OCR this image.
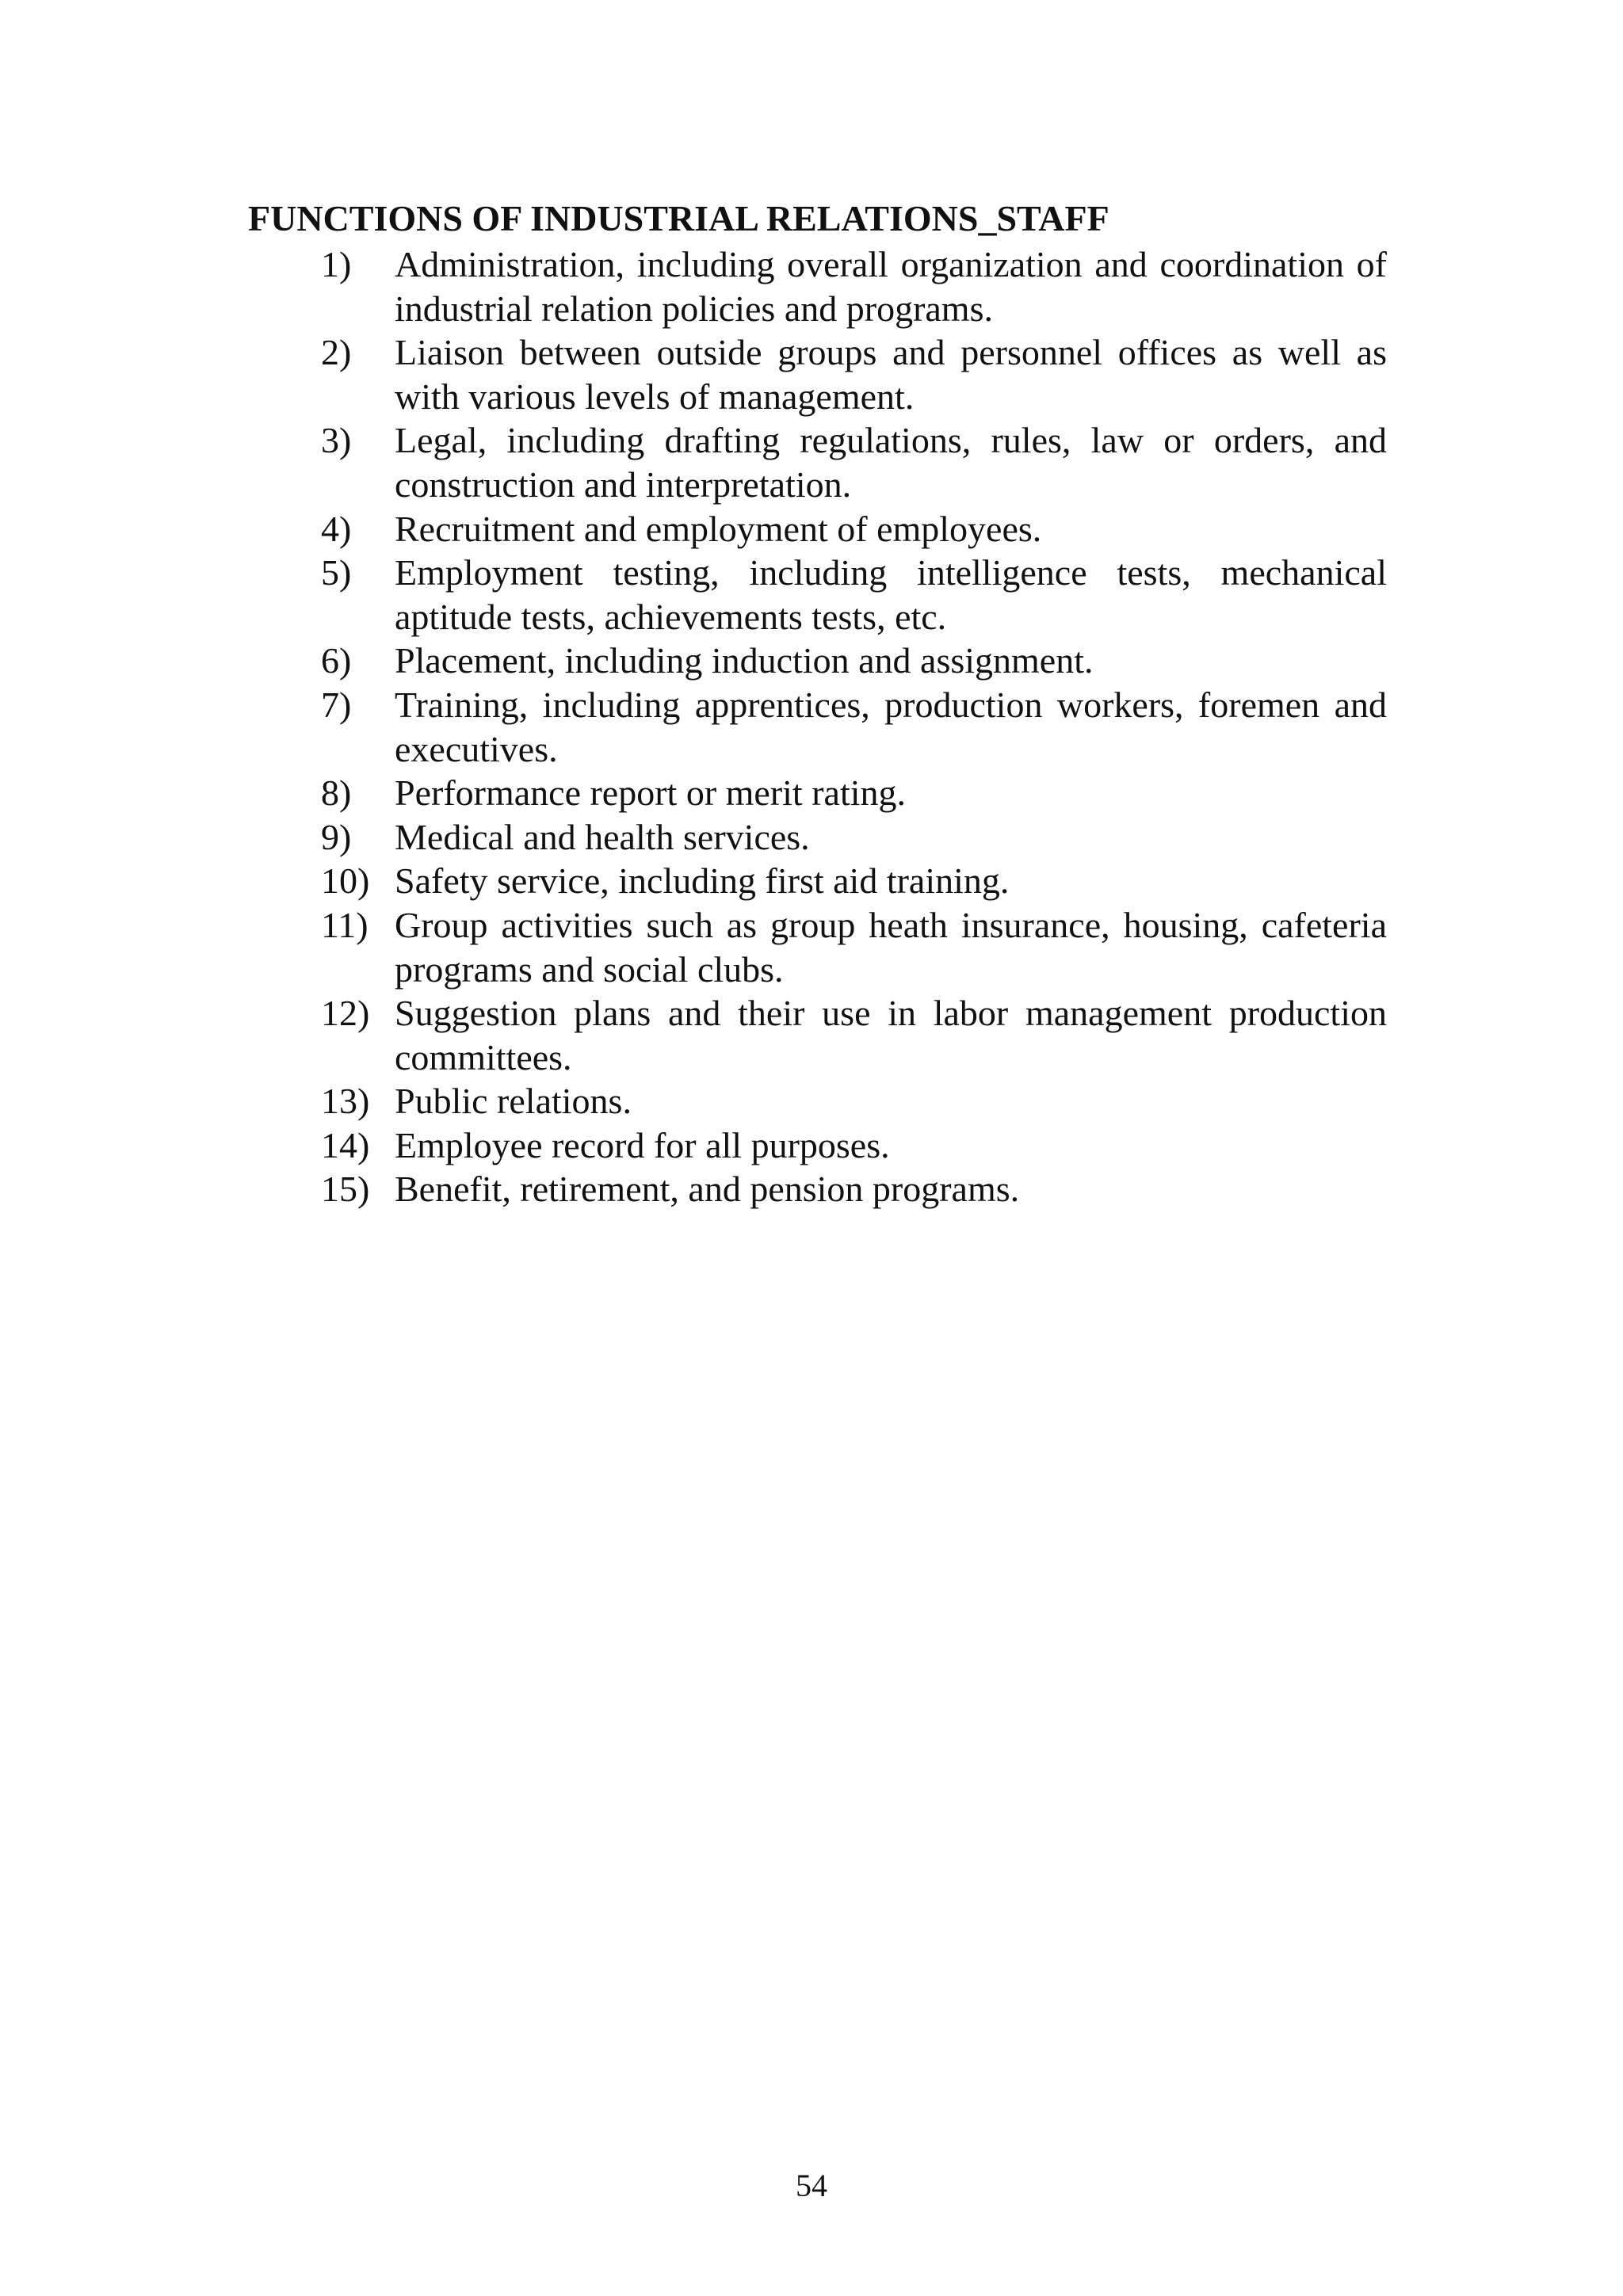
FUNCTIONS OF INDUSTRIAL RELATIONS_STAFF
1)	Administration, including overall organization and coordination of industrial relation policies and programs.
2)	Liaison between outside groups and personnel offices as well as with various levels of management.
3)	Legal, including drafting regulations, rules, law or orders, and construction and interpretation.
4)	Recruitment and employment of employees.
5)	Employment testing, including intelligence tests, mechanical aptitude tests, achievements tests, etc.
6)	Placement, including induction and assignment.
7)	Training, including apprentices, production workers, foremen and executives.
8)	Performance report or merit rating.
9)	Medical and health services.
10) Safety service, including first aid training.
11) Group activities such as group heath insurance, housing, cafeteria programs and social clubs.
12) Suggestion plans and their use in labor management production committees.
13) Public relations.
14) Employee record for all purposes.
15) Benefit, retirement, and pension programs.
54
